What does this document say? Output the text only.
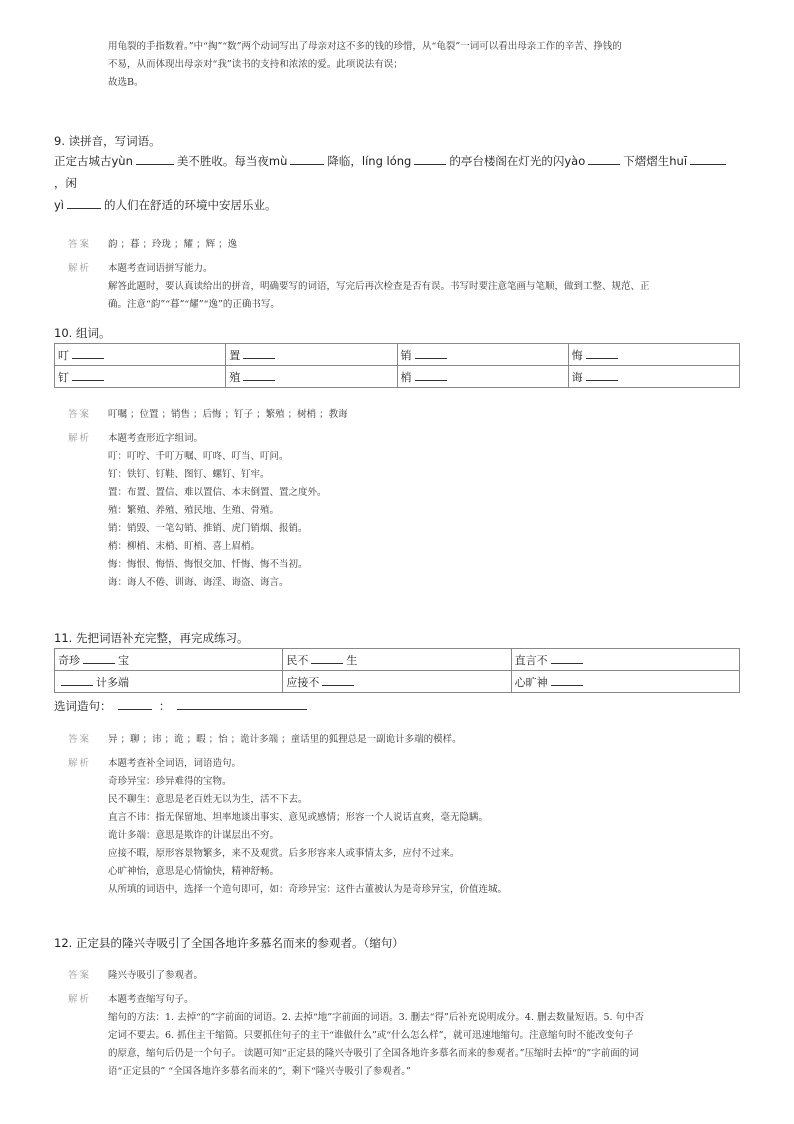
用龟裂的手指数着。”中“掏”“数”两个动词写出了母亲对这不多的钱的珍惜，从“龟裂”一词可以看出母亲工作的辛苦、挣钱的
不易，从而体现出母亲对“我”读书的支持和浓浓的爱。此项说法有误；
故选B。
9. 读拼音，写词语。
正定古城古yùn	美不胜收。每当夜mù	降临，líng lóng	的亭台楼阁在灯光的闪yào	下熠熠生huī，闲
yì	的人们在舒适的环境中安居乐业。
答案 韵 ；暮 ；玲珑 ；耀 ；辉 ；逸
解析 本题考查词语拼写能力。
解答此题时，要认真读给出的拼音，明确要写的词语，写完后再次检查是否有误。书写时要注意笔画与笔顺，做到工整、规范、正
确。注意“韵”“暮”“耀”“逸”的正确书写。
10. 组词。
叮	置	销	悔
钉	殖	梢	诲
答案 叮嘱 ；位置 ；销售 ；后悔 ；钉子 ；繁殖 ；树梢 ；教诲
解析 本题考查形近字组词。
叮：叮咛、千叮万嘱、叮咚、叮当、叮问。
钉：铁钉、钉鞋、图钉、螺钉、钉牢。
置：布置、置信、难以置信、本末倒置、置之度外。
殖：繁殖、养殖、殖民地、生殖、骨殖。
销：销毁、一笔勾销、推销、虎门销烟、报销。
梢：柳梢、末梢、盯梢、喜上眉梢。
悔：悔恨、悔悟、悔恨交加、忏悔、悔不当初。
诲：诲人不倦、训诲、诲淫、诲盗、诲言。
11. 先把词语补充完整，再完成练习。
奇珍 宝	民不 生	直言不
计多端	应接不	心旷神
选词造句：	：
答案 异 ；聊 ；讳 ；诡 ；暇 ；怡 ；诡计多端 ；童话里的狐狸总是一副诡计多端的模样。
解析 本题考查补全词语，词语造句。
奇珍异宝：珍异难得的宝物。
民不聊生：意思是老百姓无以为生，活不下去。
直言不讳：指无保留地、坦率地谈出事实、意见或感情；形容一个人说话直爽，毫无隐瞒。
诡计多端：意思是欺诈的计谋层出不穷。
应接不暇，原形容景物繁多，来不及观赏。后多形容来人或事情太多，应付不过来。
心旷神怡，意思是心情愉快，精神舒畅。
从所填的词语中，选择一个造句即可，如：奇珍异宝：这件古董被认为是奇珍异宝，价值连城。
12. 正定县的隆兴寺吸引了全国各地许多慕名而来的参观者。（缩句）
答案 隆兴寺吸引了参观者。
解析 本题考查缩写句子。
缩句的方法：1. 去掉“的”字前面的词语。2. 去掉“地”字前面的词语。3. 删去“得”后补充说明成分。4. 删去数量短语。5. 句中否
定词不要去。6. 抓住主干缩简。只要抓住句子的主干“谁做什么”或“什么怎么样”，就可迅速地缩句。注意缩句时不能改变句子
的原意，缩句后仍是一个句子。 读题可知“正定县的隆兴寺吸引了全国各地许多慕名而来的参观者。”压缩时去掉“的”字前面的词
语“正定县的” “全国各地许多慕名而来的”，剩下“隆兴寺吸引了参观者。”
